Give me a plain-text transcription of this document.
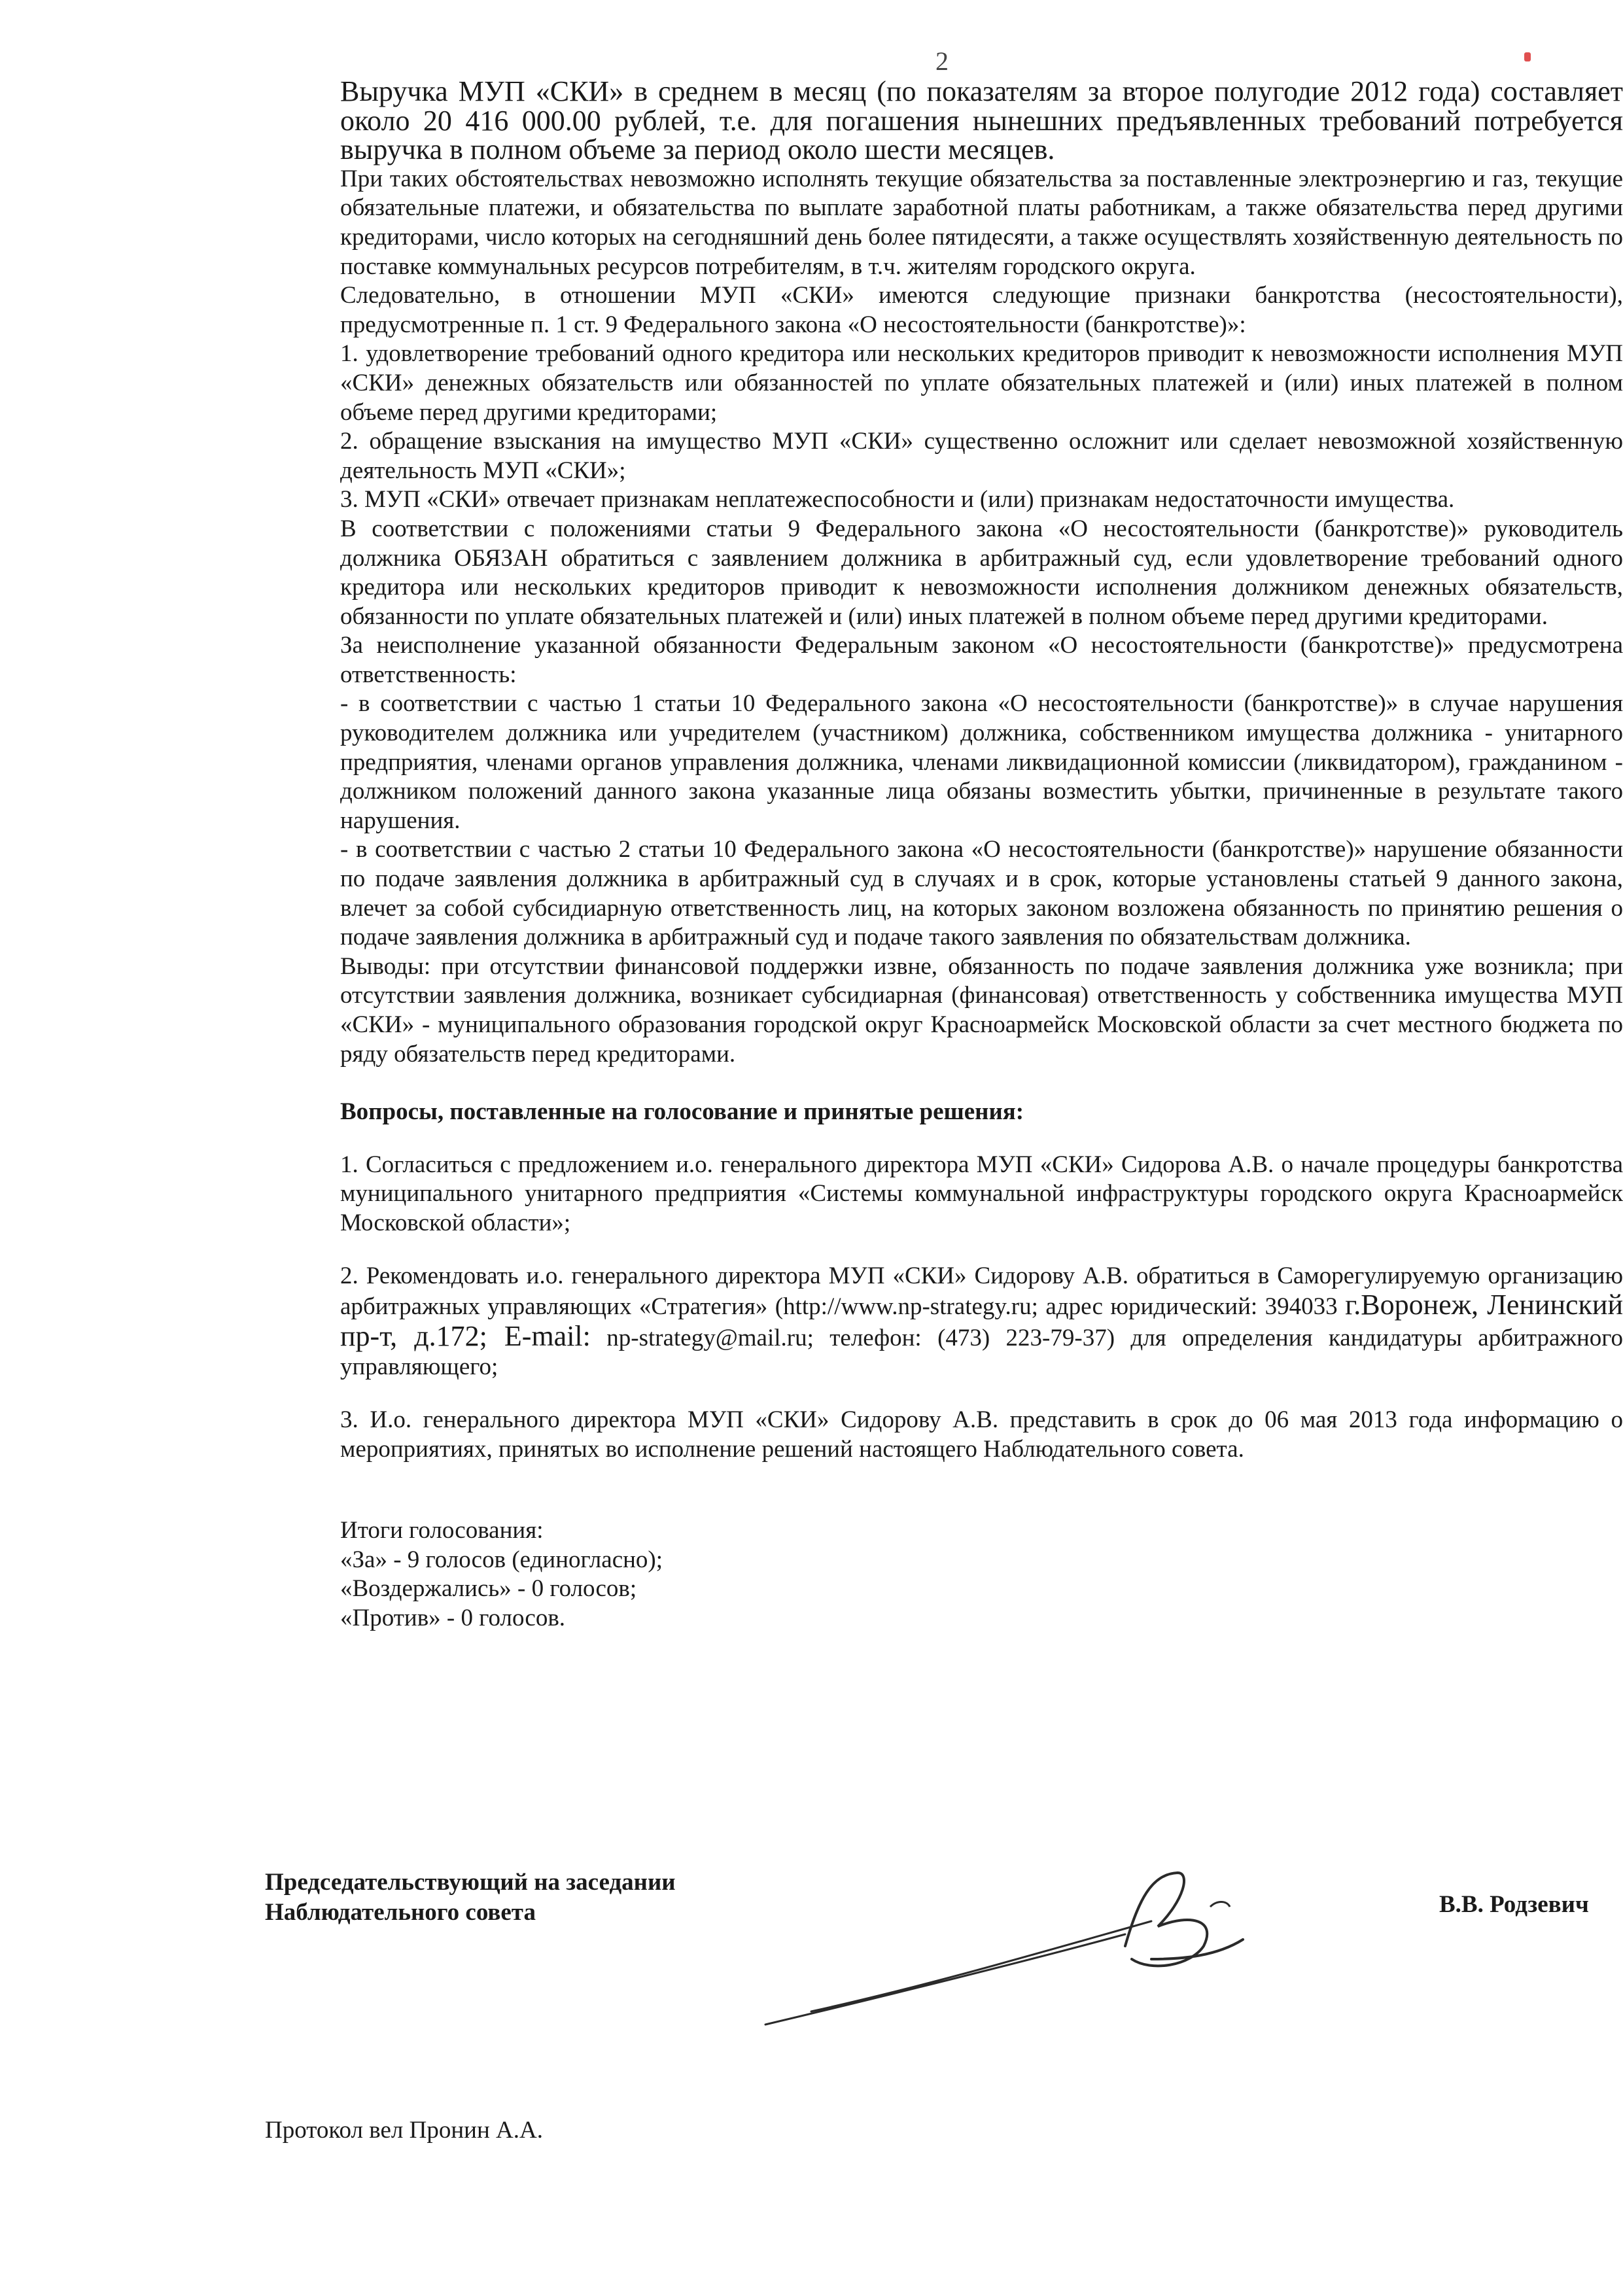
2

Выручка МУП «СКИ» в среднем в месяц (по показателям за второе полугодие 2012 года) составляет около 20 416 000.00 рублей, т.е. для погашения нынешних предъявленных требований потребуется выручка в полном объеме за период около шести месяцев.

При таких обстоятельствах невозможно исполнять текущие обязательства за поставленные электроэнергию и газ, текущие обязательные платежи, и обязательства по выплате заработной платы работникам, а также обязательства перед другими кредиторами, число которых на сегодняшний день более пятидесяти, а также осуществлять хозяйственную деятельность по поставке коммунальных ресурсов потребителям, в т.ч. жителям городского округа.

Следовательно, в отношении МУП «СКИ» имеются следующие признаки банкротства (несостоятельности), предусмотренные п. 1 ст. 9 Федерального закона «О несостоятельности (банкротстве)»:

1. удовлетворение требований одного кредитора или нескольких кредиторов приводит к невозможности исполнения МУП «СКИ» денежных обязательств или обязанностей по уплате обязательных платежей и (или) иных платежей в полном объеме перед другими кредиторами;

2. обращение взыскания на имущество МУП «СКИ» существенно осложнит или сделает невозможной хозяйственную деятельность МУП «СКИ»;

3. МУП «СКИ» отвечает признакам неплатежеспособности и (или) признакам недостаточности имущества.

В соответствии с положениями статьи 9 Федерального закона «О несостоятельности (банкротстве)» руководитель должника ОБЯЗАН обратиться с заявлением должника в арбитражный суд, если удовлетворение требований одного кредитора или нескольких кредиторов приводит к невозможности исполнения должником денежных обязательств, обязанности по уплате обязательных платежей и (или) иных платежей в полном объеме перед другими кредиторами.

За неисполнение указанной обязанности Федеральным законом «О несостоятельности (банкротстве)» предусмотрена ответственность:

- в соответствии с частью 1 статьи 10 Федерального закона «О несостоятельности (банкротстве)» в случае нарушения руководителем должника или учредителем (участником) должника, собственником имущества должника - унитарного предприятия, членами органов управления должника, членами ликвидационной комиссии (ликвидатором), гражданином - должником положений данного закона указанные лица обязаны возместить убытки, причиненные в результате такого нарушения.

- в соответствии с частью 2 статьи 10 Федерального закона «О несостоятельности (банкротстве)» нарушение обязанности по подаче заявления должника в арбитражный суд в случаях и в срок, которые установлены статьей 9 данного закона, влечет за собой субсидиарную ответственность лиц, на которых законом возложена обязанность по принятию решения о подаче заявления должника в арбитражный суд и подаче такого заявления по обязательствам должника.

Выводы: при отсутствии финансовой поддержки извне, обязанность по подаче заявления должника уже возникла; при отсутствии заявления должника, возникает субсидиарная (финансовая) ответственность у собственника имущества МУП «СКИ» - муниципального образования городской округ Красноармейск Московской области за счет местного бюджета по ряду обязательств перед кредиторами.

Вопросы, поставленные на голосование и принятые решения:

1. Согласиться с предложением и.о. генерального директора МУП «СКИ» Сидорова А.В. о начале процедуры банкротства муниципального унитарного предприятия «Системы коммунальной инфраструктуры городского округа Красноармейск Московской области»;

2. Рекомендовать и.о. генерального директора МУП «СКИ» Сидорову А.В. обратиться в Саморегулируемую организацию арбитражных управляющих «Стратегия» (http://www.np-strategy.ru; адрес юридический: 394033 г.Воронеж, Ленинский пр-т, д.172; E-mail: np-strategy@mail.ru; телефон: (473) 223-79-37) для определения кандидатуры арбитражного управляющего;

3. И.о. генерального директора МУП «СКИ» Сидорову А.В. представить в срок до 06 мая 2013 года информацию о мероприятиях, принятых во исполнение решений настоящего Наблюдательного совета.

Итоги голосования:

«За» - 9 голосов (единогласно);

«Воздержались» - 0 голосов;

«Против» - 0 голосов.

Председательствующий на заседании
Наблюдательного совета	В.В. Родзевич
Протокол вел Пронин А.А.
